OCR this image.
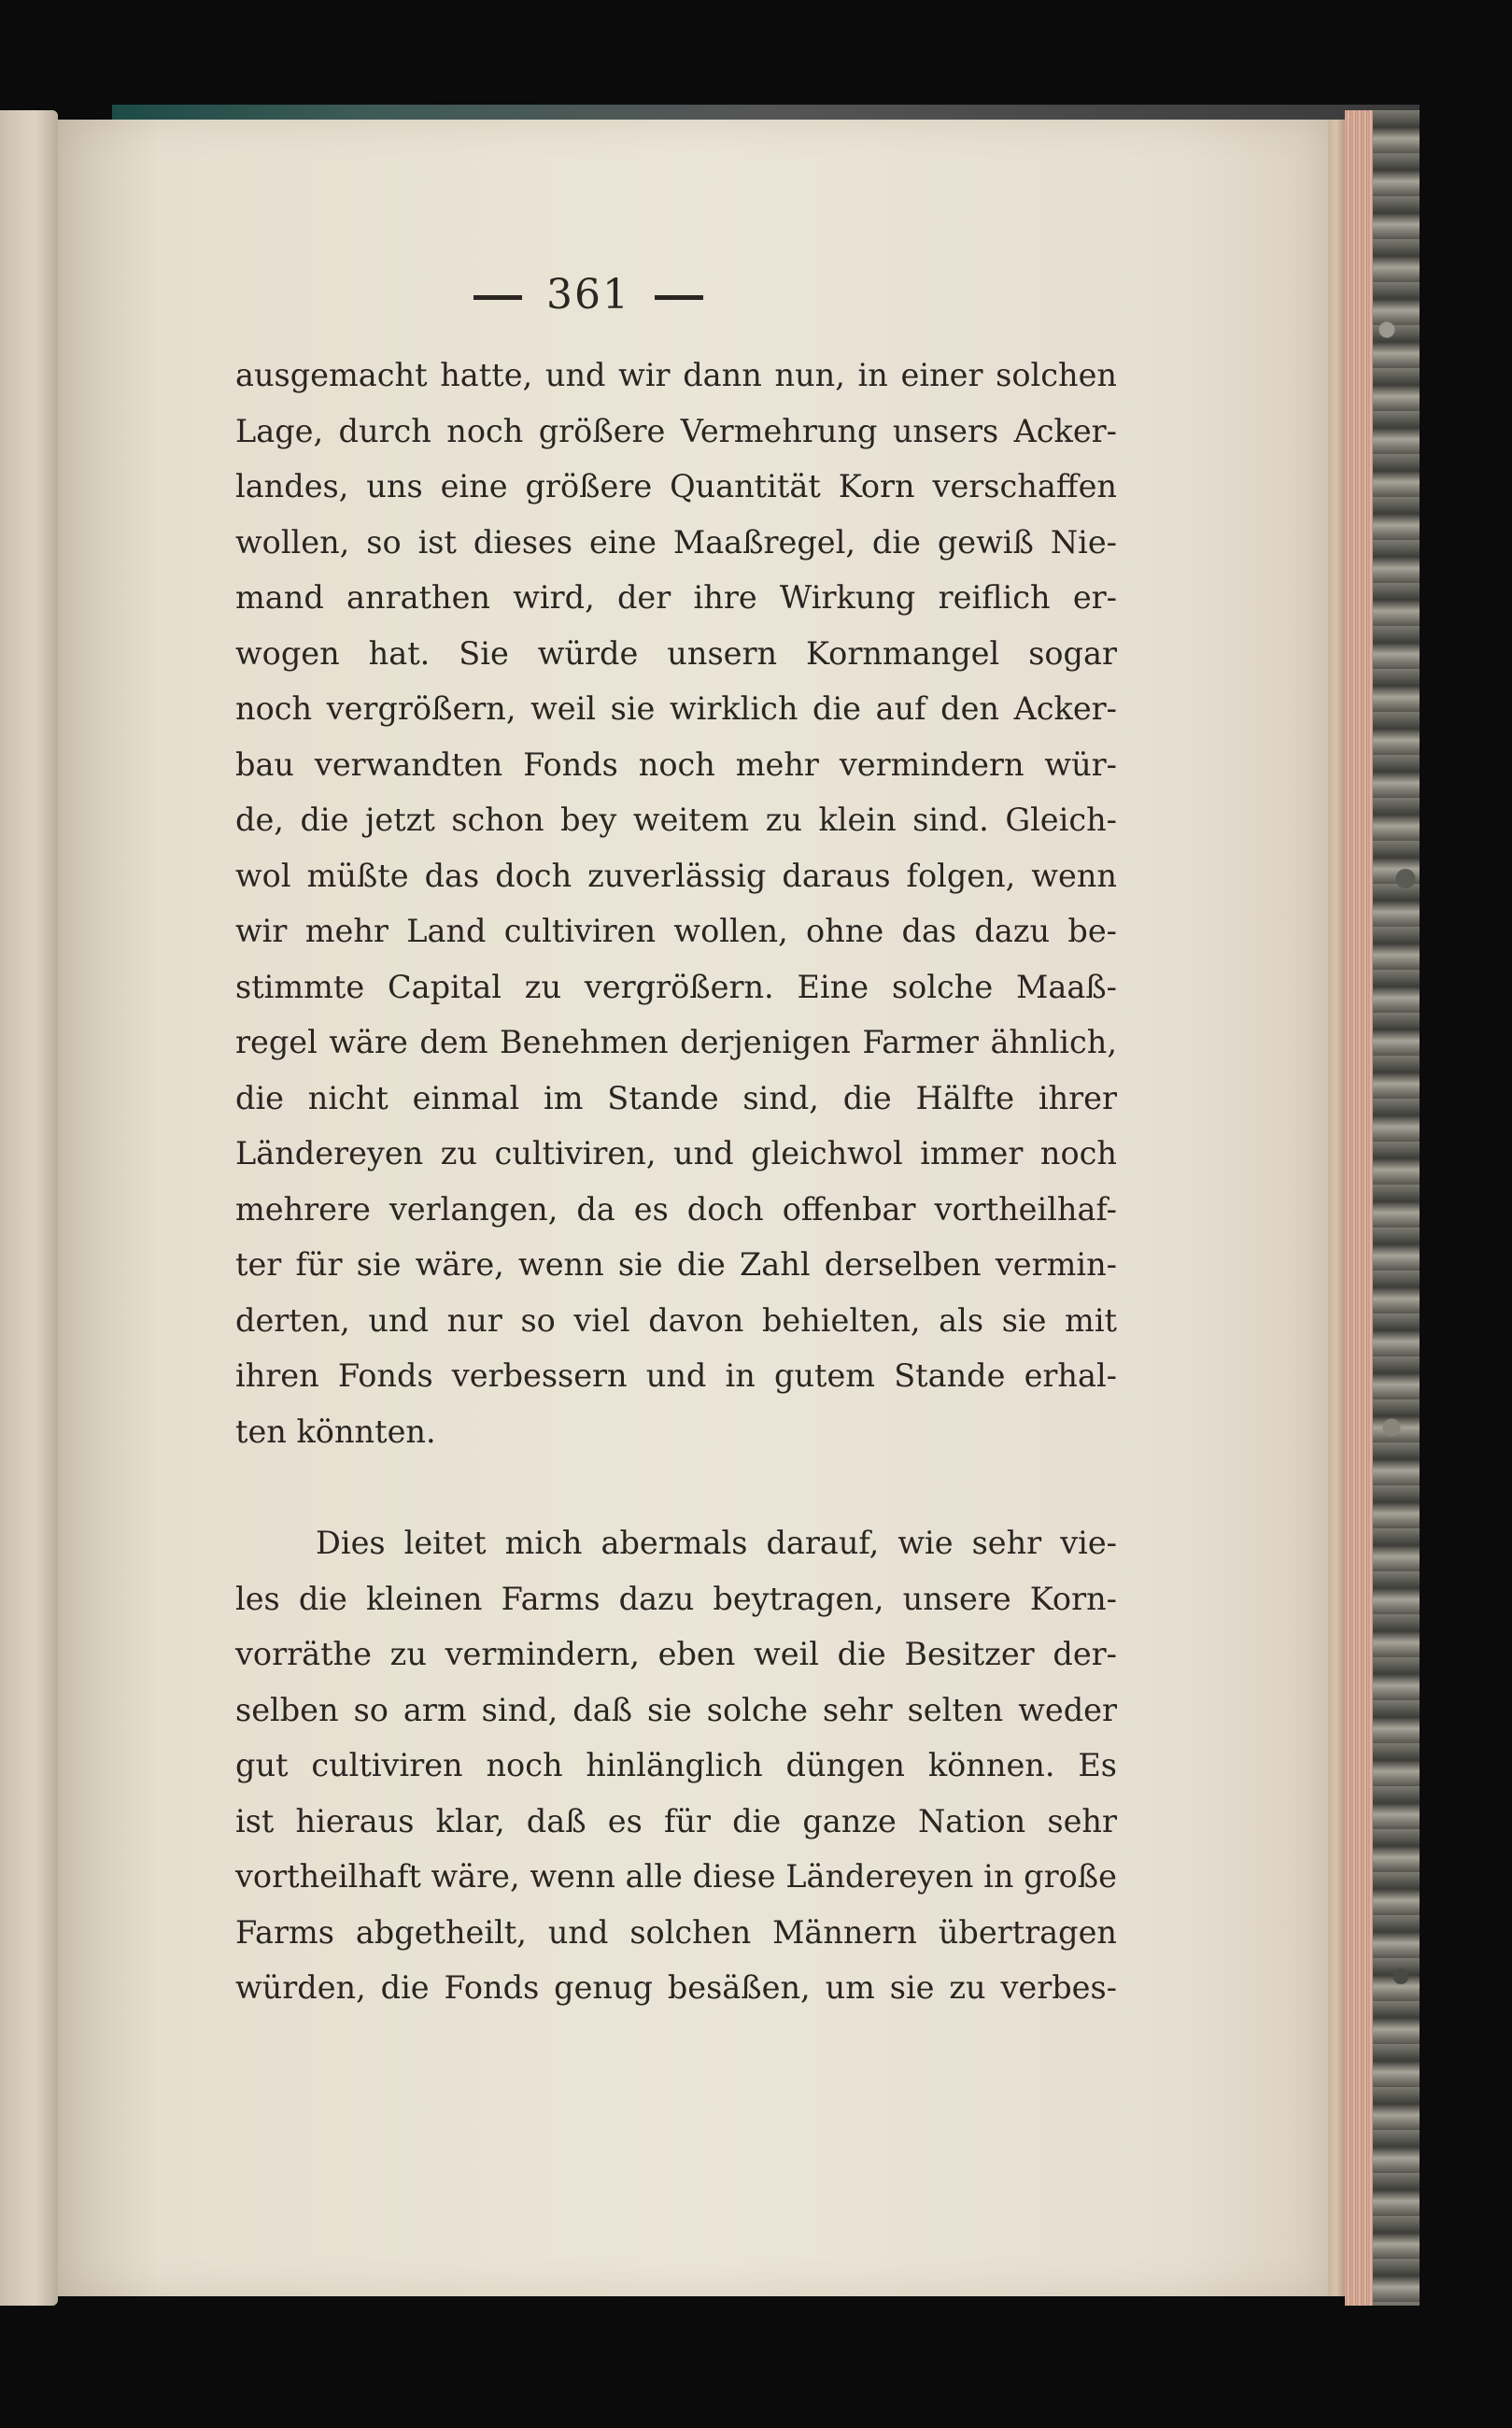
361
ausgemacht hatte, und wir dann nun, in einer solchen
Lage, durch noch größere Vermehrung unsers Acker-
landes, uns eine größere Quantität Korn verschaffen
wollen, so ist dieses eine Maaßregel, die gewiß Nie-
mand anrathen wird, der ihre Wirkung reiflich er-
wogen hat. Sie würde unsern Kornmangel sogar
noch vergrößern, weil sie wirklich die auf den Acker-
bau verwandten Fonds noch mehr vermindern wür-
de, die jetzt schon bey weitem zu klein sind. Gleich-
wol müßte das doch zuverlässig daraus folgen, wenn
wir mehr Land cultiviren wollen, ohne das dazu be-
stimmte Capital zu vergrößern. Eine solche Maaß-
regel wäre dem Benehmen derjenigen Farmer ähnlich,
die nicht einmal im Stande sind, die Hälfte ihrer
Ländereyen zu cultiviren, und gleichwol immer noch
mehrere verlangen, da es doch offenbar vortheilhaf-
ter für sie wäre, wenn sie die Zahl derselben vermin-
derten, und nur so viel davon behielten, als sie mit
ihren Fonds verbessern und in gutem Stande erhal-
ten könnten.
Dies leitet mich abermals darauf, wie sehr vie-
les die kleinen Farms dazu beytragen, unsere Korn-
vorräthe zu vermindern, eben weil die Besitzer der-
selben so arm sind, daß sie solche sehr selten weder
gut cultiviren noch hinlänglich düngen können. Es
ist hieraus klar, daß es für die ganze Nation sehr
vortheilhaft wäre, wenn alle diese Ländereyen in große
Farms abgetheilt, und solchen Männern übertragen
würden, die Fonds genug besäßen, um sie zu verbes-
